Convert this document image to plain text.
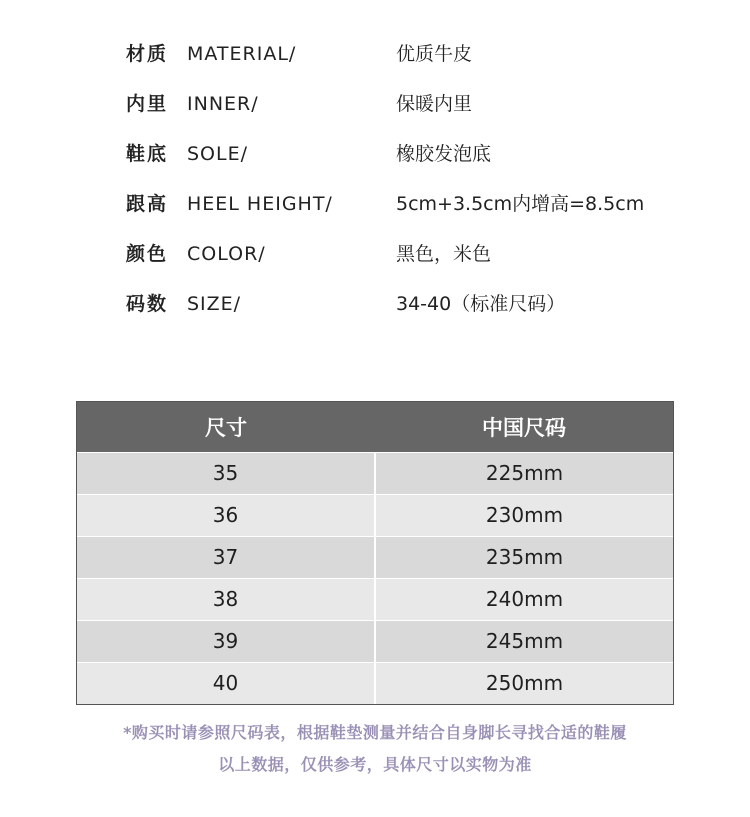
材质 MATERIAL/	优质牛皮
内里 INNER/	保暖内里
鞋底 SOLE/	橡胶发泡底
跟高 HEEL HEIGHT/	5cm+3.5cm内增高=8.5cm
颜色 COLOR/	黑色，米色
码数 SIZE/	34-40（标准尺码）
尺寸	中国尺码
35	225mm
36	230mm
37	235mm
38	240mm
39	245mm
40	250mm
*购买时请参照尺码表，根据鞋垫测量并结合自身脚长寻找合适的鞋履
以上数据，仅供参考，具体尺寸以实物为准
